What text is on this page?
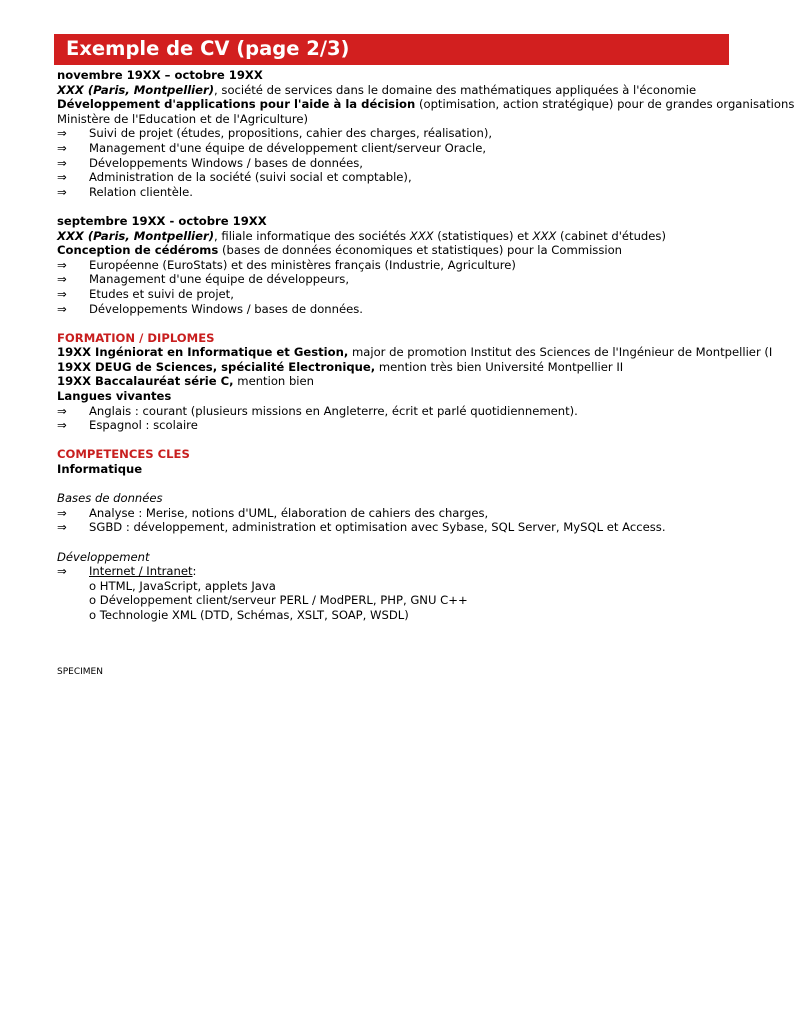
Exemple de CV (page 2/3)
novembre 19XX – octobre 19XX
XXX (Paris, Montpellier), société de services dans le domaine des mathématiques appliquées à l'économie
Développement d'applications pour l'aide à la décision (optimisation, action stratégique) pour de grandes organisations
Ministère de l'Education et de l'Agriculture)
⇒	Suivi de projet (études, propositions, cahier des charges, réalisation),
⇒	Management d'une équipe de développement client/serveur Oracle,
⇒	Développements Windows / bases de données,
⇒	Administration de la société (suivi social et comptable),
⇒	Relation clientèle.
septembre 19XX - octobre 19XX
XXX (Paris, Montpellier), filiale informatique des sociétés XXX (statistiques) et XXX (cabinet d'études)
Conception de cédéroms (bases de données économiques et statistiques) pour la Commission
⇒	Européenne (EuroStats) et des ministères français (Industrie, Agriculture)
⇒	Management d'une équipe de développeurs,
⇒	Etudes et suivi de projet,
⇒	Développements Windows / bases de données.
FORMATION / DIPLOMES
19XX Ingéniorat en Informatique et Gestion, major de promotion Institut des Sciences de l'Ingénieur de Montpellier (I
19XX DEUG de Sciences, spécialité Electronique, mention très bien Université Montpellier II
19XX Baccalauréat série C, mention bien
Langues vivantes
⇒	Anglais : courant (plusieurs missions en Angleterre, écrit et parlé quotidiennement).
⇒	Espagnol : scolaire
COMPETENCES CLES
Informatique
Bases de données
⇒	Analyse : Merise, notions d'UML, élaboration de cahiers des charges,
⇒	SGBD : développement, administration et optimisation avec Sybase, SQL Server, MySQL et Access.
Développement
⇒	Internet / Intranet :
o HTML, JavaScript, applets Java
o Développement client/serveur PERL / ModPERL, PHP, GNU C++
o Technologie XML (DTD, Schémas, XSLT, SOAP, WSDL)
SPECIMEN
